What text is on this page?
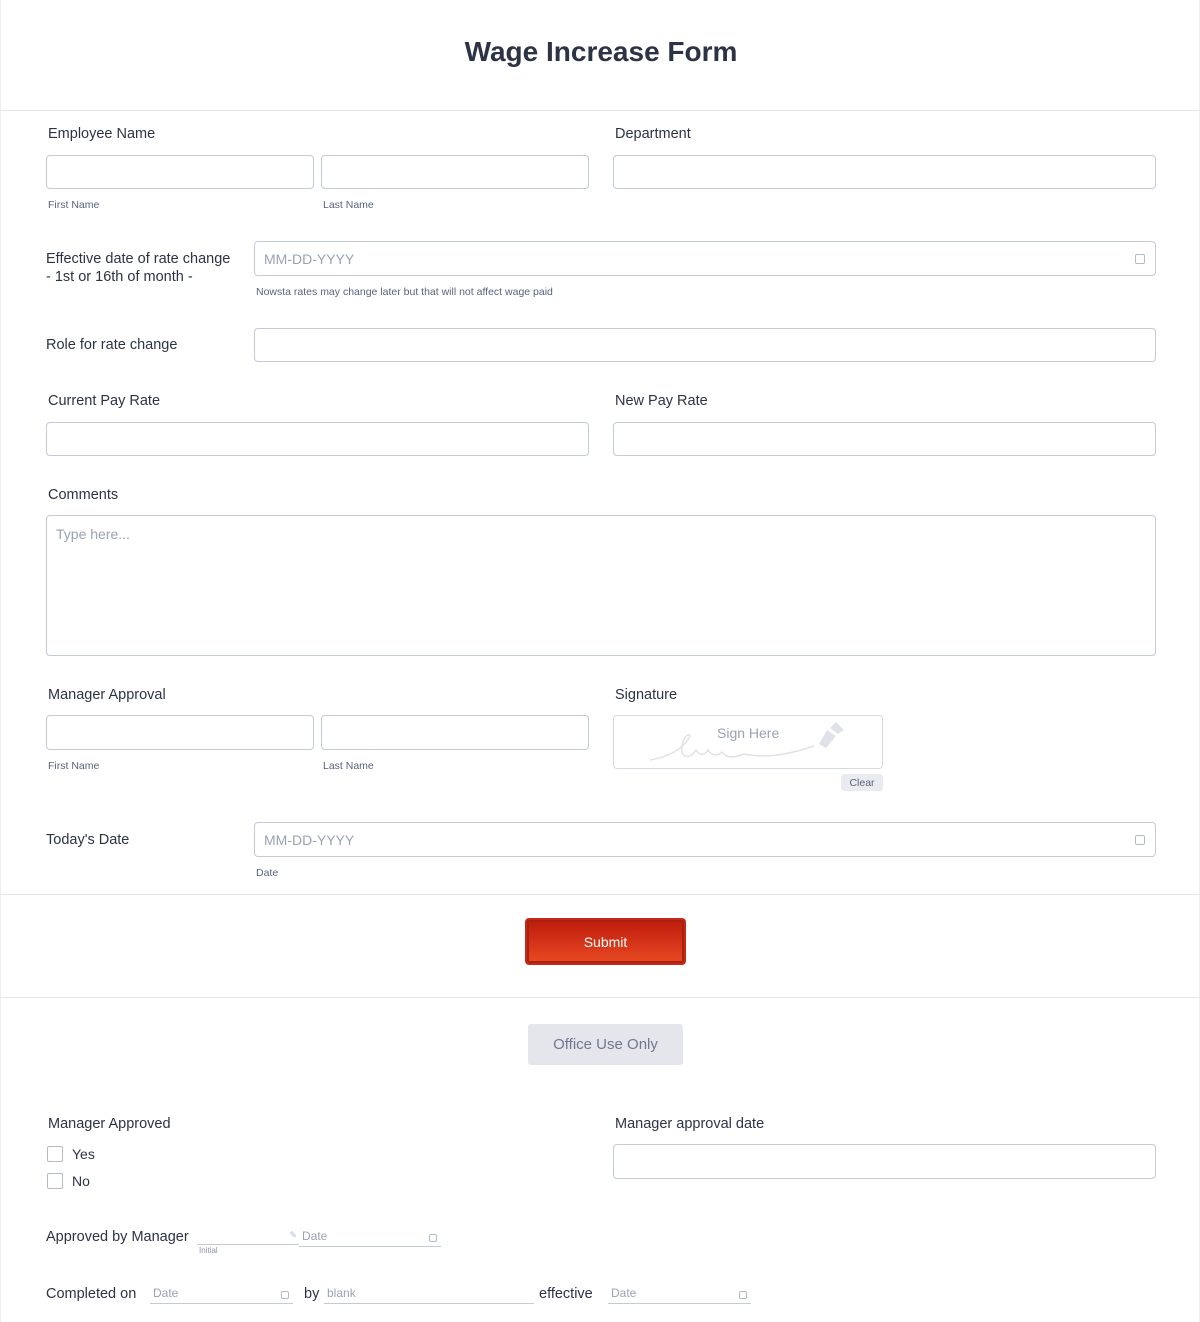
Wage Increase Form
Employee Name
First Name	Last Name
Department
Effective date of rate change
- 1st or 16th of month -
MM-DD-YYYY
Nowsta rates may change later but that will not affect wage paid
Role for rate change
Current Pay Rate	New Pay Rate
Comments
Type here...
Manager Approval
First Name	Last Name
Signature
Sign Here
Clear
Today's Date	MM-DD-YYYY
Date
Submit
Office Use Only
Manager Approved
Yes
No
Manager approval date
Approved by Manager	✎
Initial
Date
Completed on Date	by blank	effective Date
